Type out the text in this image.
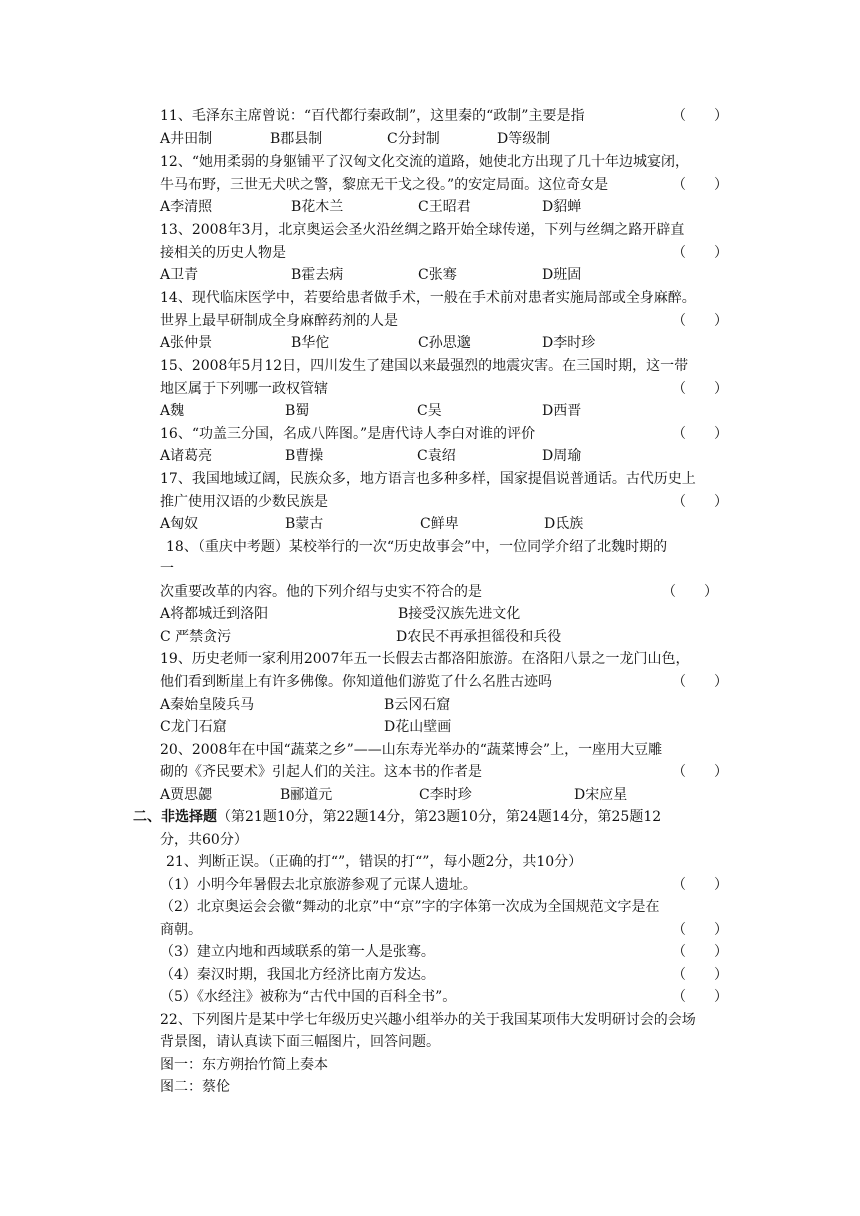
11、毛泽东主席曾说：“百代都行秦政制”，这里秦的“政制”主要是指	（　　）
A井田制	B郡县制	C分封制	D等级制
12、“她用柔弱的身躯铺平了汉匈文化交流的道路，她使北方出现了几十年边城宴闭，
牛马布野，三世无犬吠之警，黎庶无干戈之役。”的安定局面。这位奇女是	（　　）
A李清照	B花木兰	C王昭君	D貂蝉
13、2008年3月，北京奥运会圣火沿丝绸之路开始全球传递，下列与丝绸之路开辟直
接相关的历史人物是	（　　）
A卫青	B霍去病	C张骞	D班固
14、现代临床医学中，若要给患者做手术，一般在手术前对患者实施局部或全身麻醉。
世界上最早研制成全身麻醉药剂的人是	（　　）
A张仲景	B华佗	C孙思邈	D李时珍
15、2008年5月12日，四川发生了建国以来最强烈的地震灾害。在三国时期，这一带
地区属于下列哪一政权管辖	（　　）
A魏	B蜀	C吴	D西晋
16、“功盖三分国，名成八阵图。”是唐代诗人李白对谁的评价	（　　）
A诸葛亮	B曹操	C袁绍	D周瑜
17、我国地域辽阔，民族众多，地方语言也多种多样，国家提倡说普通话。古代历史上
推广使用汉语的少数民族是	（　　）
A匈奴	B蒙古	C鲜卑	D氐族
18、（重庆中考题）某校举行的一次“历史故事会”中，一位同学介绍了北魏时期的
一
次重要改革的内容。他的下列介绍与史实不符合的是	（　　）
A将都城迁到洛阳	B接受汉族先进文化
C 严禁贪污	D农民不再承担徭役和兵役
19、历史老师一家利用2007年五一长假去古都洛阳旅游。在洛阳八景之一龙门山色，
他们看到断崖上有许多佛像。你知道他们游览了什么名胜古迹吗	（　　）
A秦始皇陵兵马	B云冈石窟
C龙门石窟	D花山壁画
20、2008年在中国“蔬菜之乡”——山东寿光举办的“蔬菜博会”上，一座用大豆雕
砌的《齐民要术》引起人们的关注。这本书的作者是	（　　）
A贾思勰	B郦道元	C李时珍	D宋应星
二、非选择题（第21题10分，第22题14分，第23题10分，第24题14分，第25题12
分，共60分）
21、判断正误。（正确的打“”，错误的打“”，每小题2分，共10分）
（1）小明今年暑假去北京旅游参观了元谋人遗址。	（　　）
（2）北京奥运会会徽“舞动的北京”中“京”字的字体第一次成为全国规范文字是在
商朝。	（　　）
（3）建立内地和西域联系的第一人是张骞。	（　　）
（4）秦汉时期，我国北方经济比南方发达。	（　　）
（5）《水经注》被称为“古代中国的百科全书”。	（　　）
22、下列图片是某中学七年级历史兴趣小组举办的关于我国某项伟大发明研讨会的会场
背景图，请认真读下面三幅图片，回答问题。
图一：东方朔抬竹简上奏本
图二：蔡伦
